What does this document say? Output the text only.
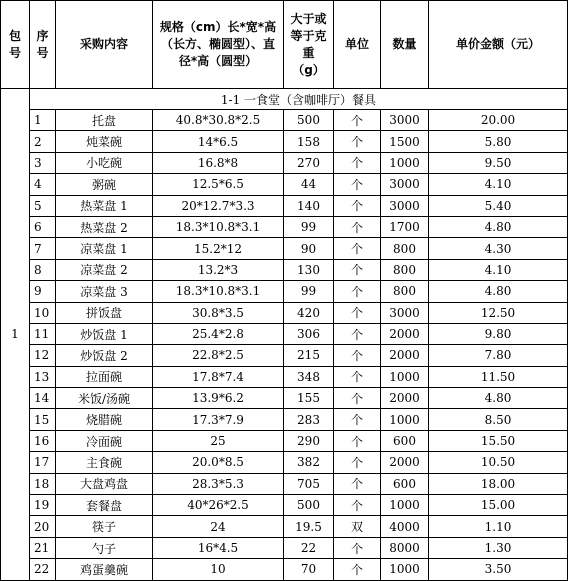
包号	序号	采购内容	规格（cm）长*宽*高（长方、椭圆型）、直径*高（圆型）	大于或等于克重（g）	单位	数量	单价金额（元）
1	1-1 一食堂（含咖啡厅）餐具						
	1	托盘	40.8*30.8*2.5	500	个	3000	20.00
	2	炖菜碗	14*6.5	158	个	1500	5.80
	3	小吃碗	16.8*8	270	个	1000	9.50
	4	粥碗	12.5*6.5	44	个	3000	4.10
	5	热菜盘 1	20*12.7*3.3	140	个	3000	5.40
	6	热菜盘 2	18.3*10.8*3.1	99	个	1700	4.80
	7	凉菜盘 1	15.2*12	90	个	800	4.30
	8	凉菜盘 2	13.2*3	130	个	800	4.10
	9	凉菜盘 3	18.3*10.8*3.1	99	个	800	4.80
	10	拼饭盘	30.8*3.5	420	个	3000	12.50
	11	炒饭盘 1	25.4*2.8	306	个	2000	9.80
	12	炒饭盘 2	22.8*2.5	215	个	2000	7.80
	13	拉面碗	17.8*7.4	348	个	1000	11.50
	14	米饭/汤碗	13.9*6.2	155	个	2000	4.80
	15	烧腊碗	17.3*7.9	283	个	1000	8.50
	16	冷面碗	25	290	个	600	15.50
	17	主食碗	20.0*8.5	382	个	2000	10.50
	18	大盘鸡盘	28.3*5.3	705	个	600	18.00
	19	套餐盘	40*26*2.5	500	个	1000	15.00
	20	筷子	24	19.5	双	4000	1.10
	21	勺子	16*4.5	22	个	8000	1.30
	22	鸡蛋羹碗	10	70	个	1000	3.50
